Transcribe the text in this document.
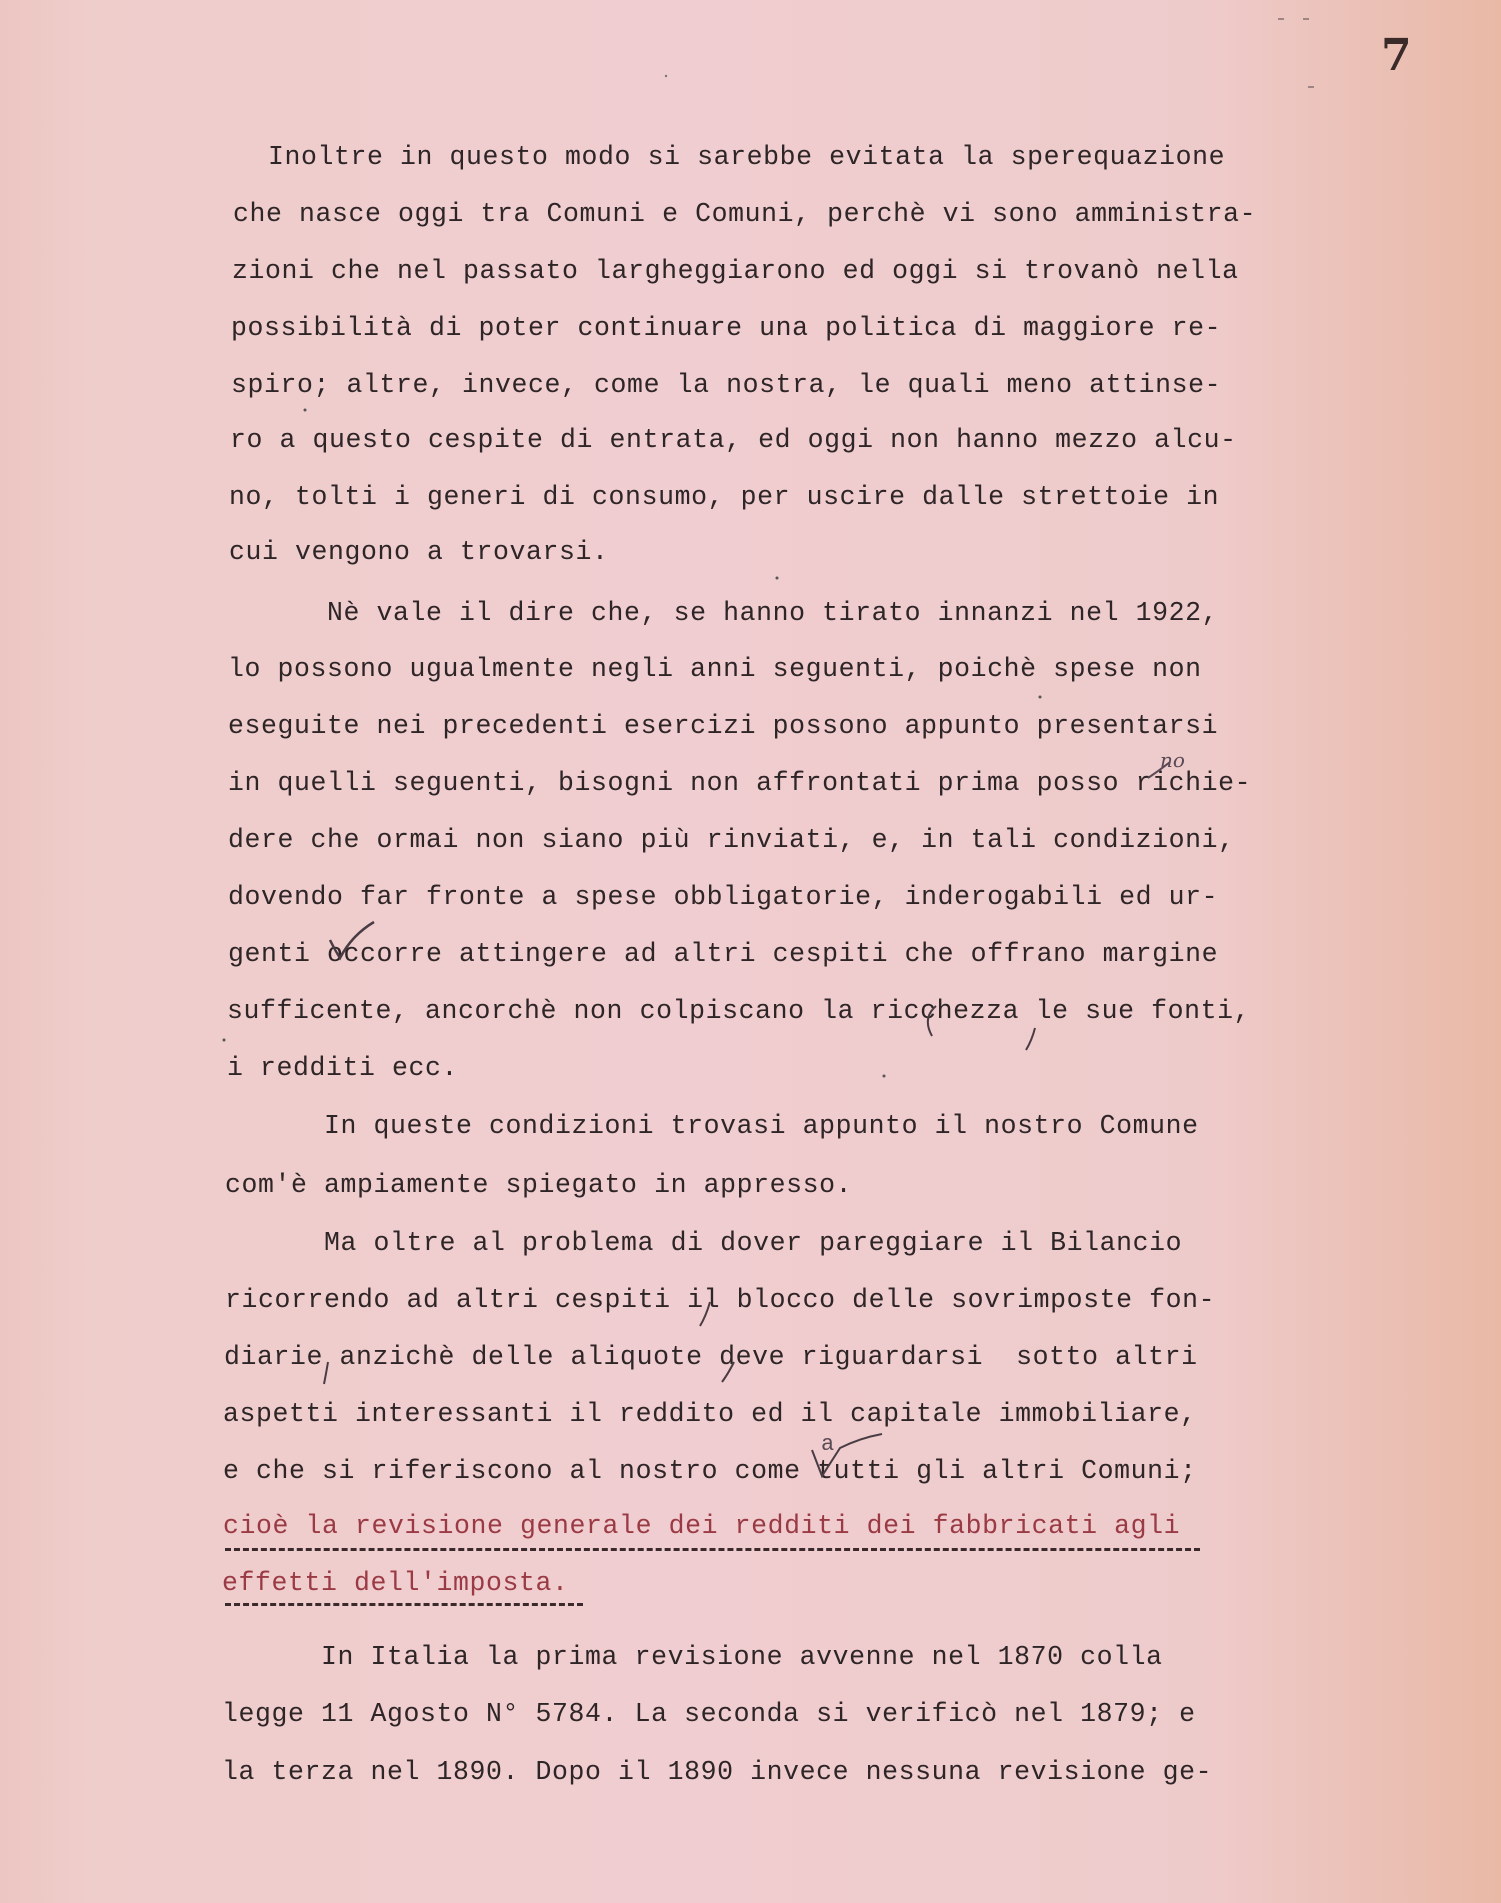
7
Inoltre in questo modo si sarebbe evitata la sperequazione
che nasce oggi tra Comuni e Comuni, perchè vi sono amministra-
zioni che nel passato largheggiarono ed oggi si trovanò nella
possibilità di poter continuare una politica di maggiore re-
spiro; altre, invece, come la nostra, le quali meno attinse-
ro a questo cespite di entrata, ed oggi non hanno mezzo alcu-
no, tolti i generi di consumo, per uscire dalle strettoie in
cui vengono a trovarsi.
Nè vale il dire che, se hanno tirato innanzi nel 1922,
lo possono ugualmente negli anni seguenti, poichè spese non
eseguite nei precedenti esercizi possono appunto presentarsi
in quelli seguenti, bisogni non affrontati prima posso richie-
dere che ormai non siano più rinviati, e, in tali condizioni,
dovendo far fronte a spese obbligatorie, inderogabili ed ur-
genti occorre attingere ad altri cespiti che offrano margine
sufficente, ancorchè non colpiscano la ricchezza le sue fonti,
i redditi ecc.
In queste condizioni trovasi appunto il nostro Comune
com'è ampiamente spiegato in appresso.
Ma oltre al problema di dover pareggiare il Bilancio
ricorrendo ad altri cespiti il blocco delle sovrimposte fon-
diarie anzichè delle aliquote deve riguardarsi  sotto altri
aspetti interessanti il reddito ed il capitale immobiliare,
e che si riferiscono al nostro come tutti gli altri Comuni;
cioè la revisione generale dei redditi dei fabbricati agli
effetti dell'imposta.
In Italia la prima revisione avvenne nel 1870 colla
legge 11 Agosto N° 5784. La seconda si verificò nel 1879; e
la terza nel 1890. Dopo il 1890 invece nessuna revisione ge-
no
a
